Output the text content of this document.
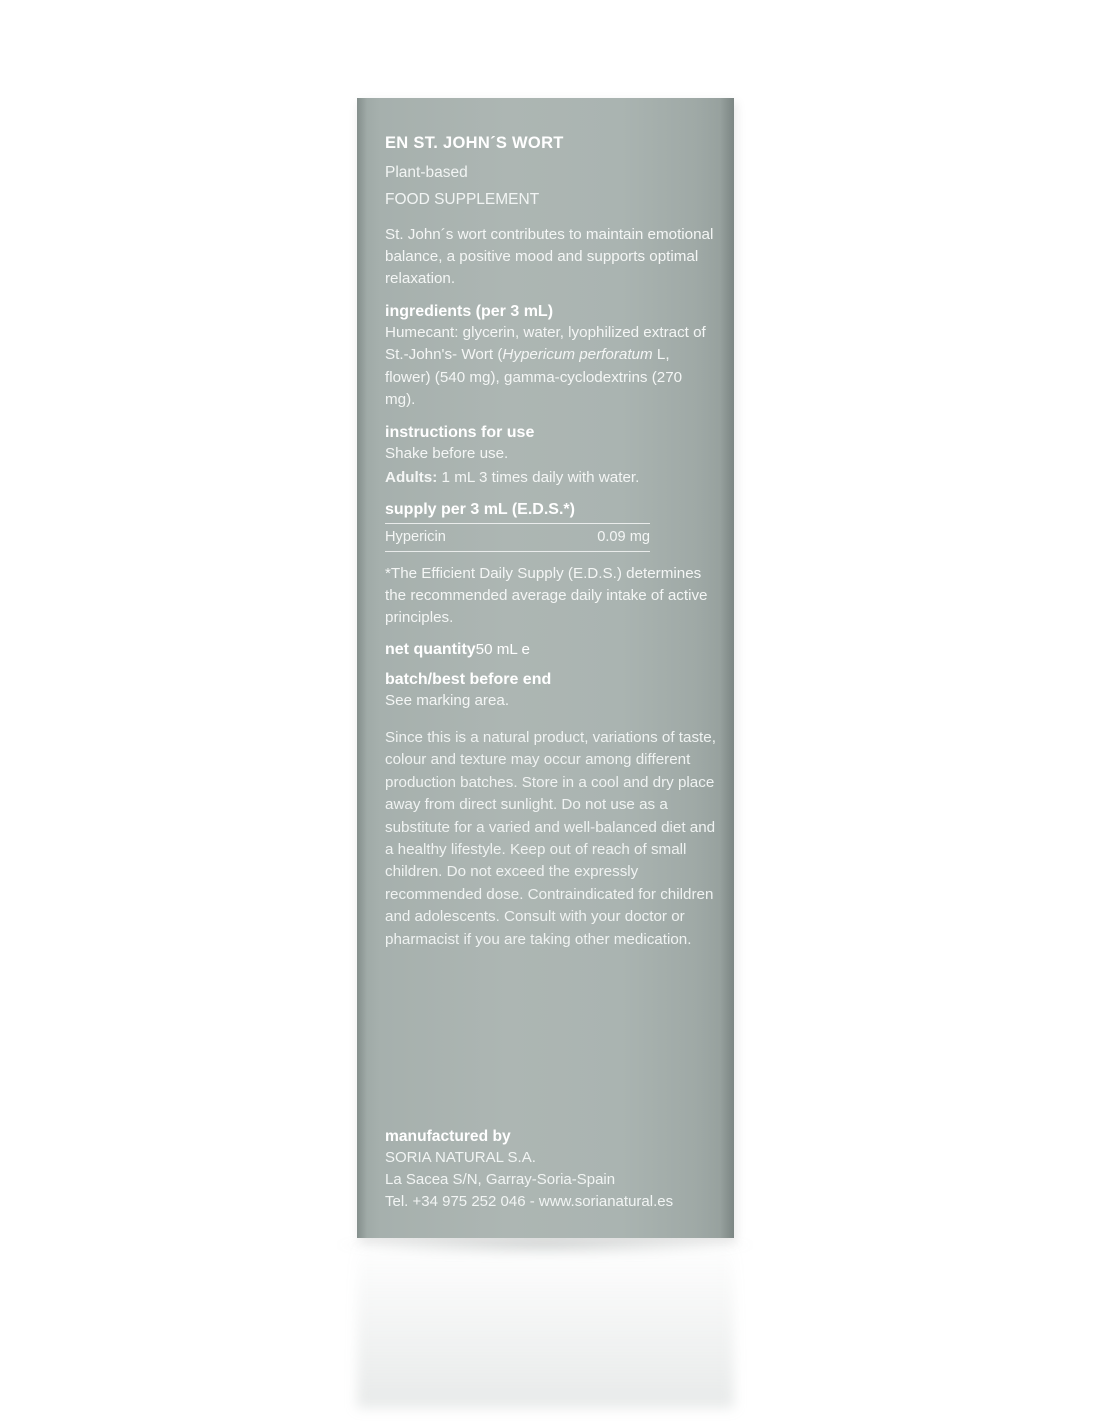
EN ST. JOHN´S WORT
Plant-based
FOOD SUPPLEMENT
St. John´s wort contributes to maintain emotional balance, a positive mood and supports optimal relaxation.
ingredients (per 3 mL)
Humecant: glycerin, water, lyophilized extract of St.-John's- Wort (Hypericum perforatum L, flower) (540 mg), gamma-cyclodextrins (270 mg).
instructions for use
Shake before use.
Adults: 1 mL 3 times daily with water.
supply per 3 mL (E.D.S.*)
Hypericin	0.09 mg
*The Efficient Daily Supply (E.D.S.) determines the recommended average daily intake of active principles.
net quantity50 mL e
batch/best before end
See marking area.
Since this is a natural product, variations of taste, colour and texture may occur among different production batches. Store in a cool and dry place away from direct sunlight. Do not use as a substitute for a varied and well-balanced diet and a healthy lifestyle. Keep out of reach of small children. Do not exceed the expressly recommended dose. Contraindicated for children and adolescents. Consult with your doctor or pharmacist if you are taking other medication.
manufactured by
SORIA NATURAL S.A.
La Sacea S/N, Garray-Soria-Spain
Tel. +34 975 252 046 - www.sorianatural.es
